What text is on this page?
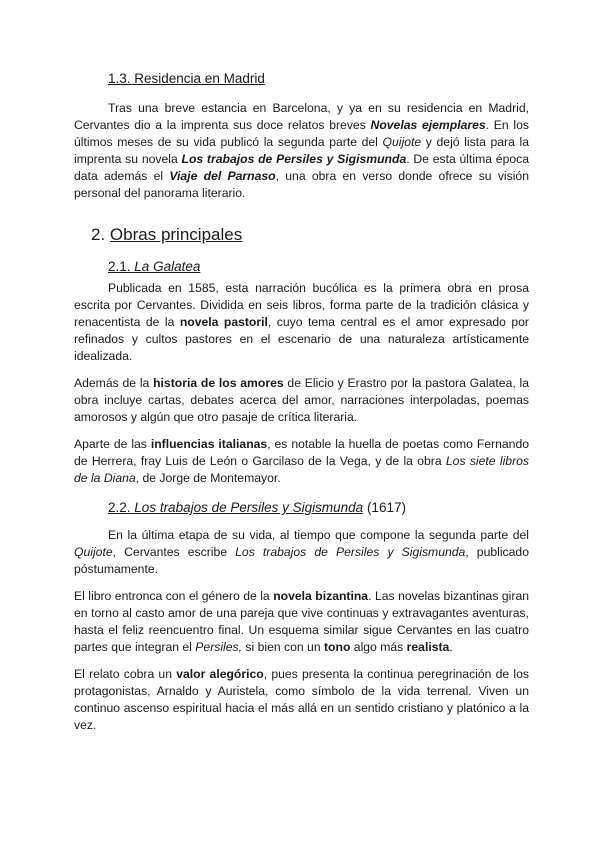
1.3. Residencia en Madrid

Tras una breve estancia en Barcelona, y ya en su residencia en Madrid, Cervantes dio a la imprenta sus doce relatos breves Novelas ejemplares. En los últimos meses de su vida publicó la segunda parte del Quijote y dejó lista para la imprenta su novela Los trabajos de Persiles y Sigismunda. De esta última época data además el Viaje del Parnaso, una obra en verso donde ofrece su visión personal del panorama literario.

2. Obras principales
2.1. La Galatea

Publicada en 1585, esta narración bucólica es la primera obra en prosa escrita por Cervantes. Dividida en seis libros, forma parte de la tradición clásica y renacentista de la novela pastoril, cuyo tema central es el amor expresado por refinados y cultos pastores en el escenario de una naturaleza artísticamente idealizada.

Además de la historia de los amores de Elicio y Erastro por la pastora Galatea, la obra incluye cartas, debates acerca del amor, narraciones interpoladas, poemas amorosos y algún que otro pasaje de crítica literaria.

Aparte de las influencias italianas, es notable la huella de poetas como Fernando de Herrera, fray Luis de León o Garcilaso de la Vega, y de la obra Los siete libros de la Diana, de Jorge de Montemayor.

2.2. Los trabajos de Persiles y Sigismunda (1617)

En la última etapa de su vida, al tiempo que compone la segunda parte del Quijote, Cervantes escribe Los trabajos de Persiles y Sigismunda, publicado póstumamente.

El libro entronca con el género de la novela bizantina. Las novelas bizantinas giran en torno al casto amor de una pareja que vive continuas y extravagantes aventuras, hasta el feliz reencuentro final. Un esquema similar sigue Cervantes en las cuatro partes que integran el Persiles, si bien con un tono algo más realista.

El relato cobra un valor alegórico, pues presenta la continua peregrinación de los protagonistas, Arnaldo y Auristela, como símbolo de la vida terrenal. Viven un continuo ascenso espiritual hacia el más allá en un sentido cristiano y platónico a la vez.
